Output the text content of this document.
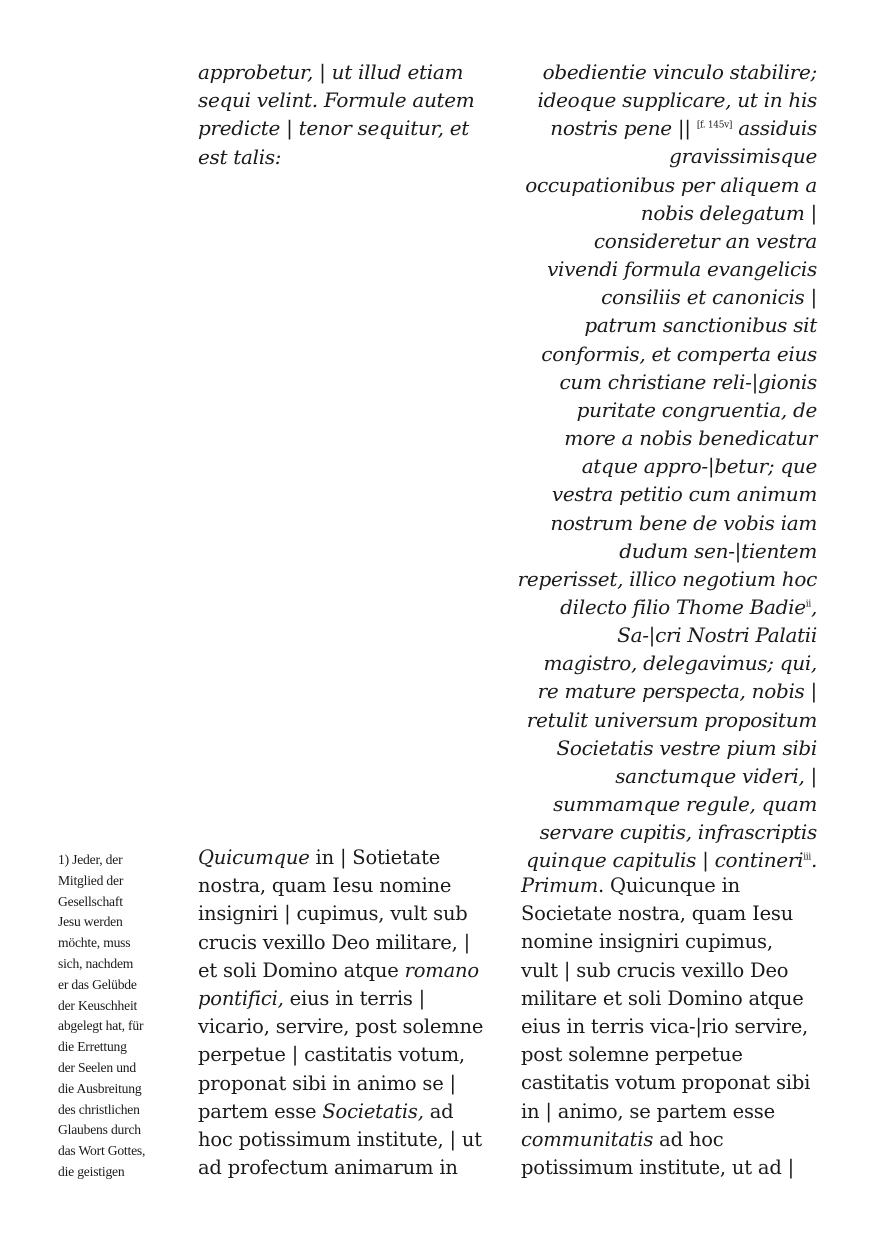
approbetur, | ut illud etiam
sequi velint. Formule autem
predicte | tenor sequitur, et
est talis:
obedientie vinculo stabilire;
ideoque supplicare, ut in his
nostris pene || [f. 145v] assiduis
gravissimisque
occupationibus per aliquem a
nobis delegatum |
consideretur an vestra
vivendi formula evangelicis
consiliis et canonicis |
patrum sanctionibus sit
conformis, et comperta eius
cum christiane reli-|gionis
puritate congruentia, de
more a nobis benedicatur
atque appro-|betur; que
vestra petitio cum animum
nostrum bene de vobis iam
dudum sen-|tientem
reperisset, illico negotium hoc
dilecto filio Thome Badie$^{ii}$,
Sa-|cri Nostri Palatii
magistro, delegavimus; qui,
re mature perspecta, nobis |
retulit universum propositum
Societatis vestre pium sibi
sanctumque videri, |
summamque regule, quam
servare cupitis, infrascriptis
quinque capitulis | contineri$^{iii}$.
1) Jeder, der
Mitglied der
Gesellschaft
Jesu werden
möchte, muss
sich, nachdem
er das Gelübde
der Keuschheit
abgelegt hat, für
die Errettung
der Seelen und
die Ausbreitung
des christlichen
Glaubens durch
das Wort Gottes,
die geistigen
Quicumque in | Sotietate
nostra, quam Iesu nomine
insigniri | cupimus, vult sub
crucis vexillo Deo militare, |
et soli Domino atque romano
pontifici, eius in terris |
vicario, servire, post solemne
perpetue | castitatis votum,
proponat sibi in animo se |
partem esse Societatis, ad
hoc potissimum institute, | ut
ad profectum animarum in
Primum. Quicunque in
Societate nostra, quam Iesu
nomine insigniri cupimus,
vult | sub crucis vexillo Deo
militare et soli Domino atque
eius in terris vica-|rio servire,
post solemne perpetue
castitatis votum proponat sibi
in | animo, se partem esse
communitatis ad hoc
potissimum institute, ut ad |
